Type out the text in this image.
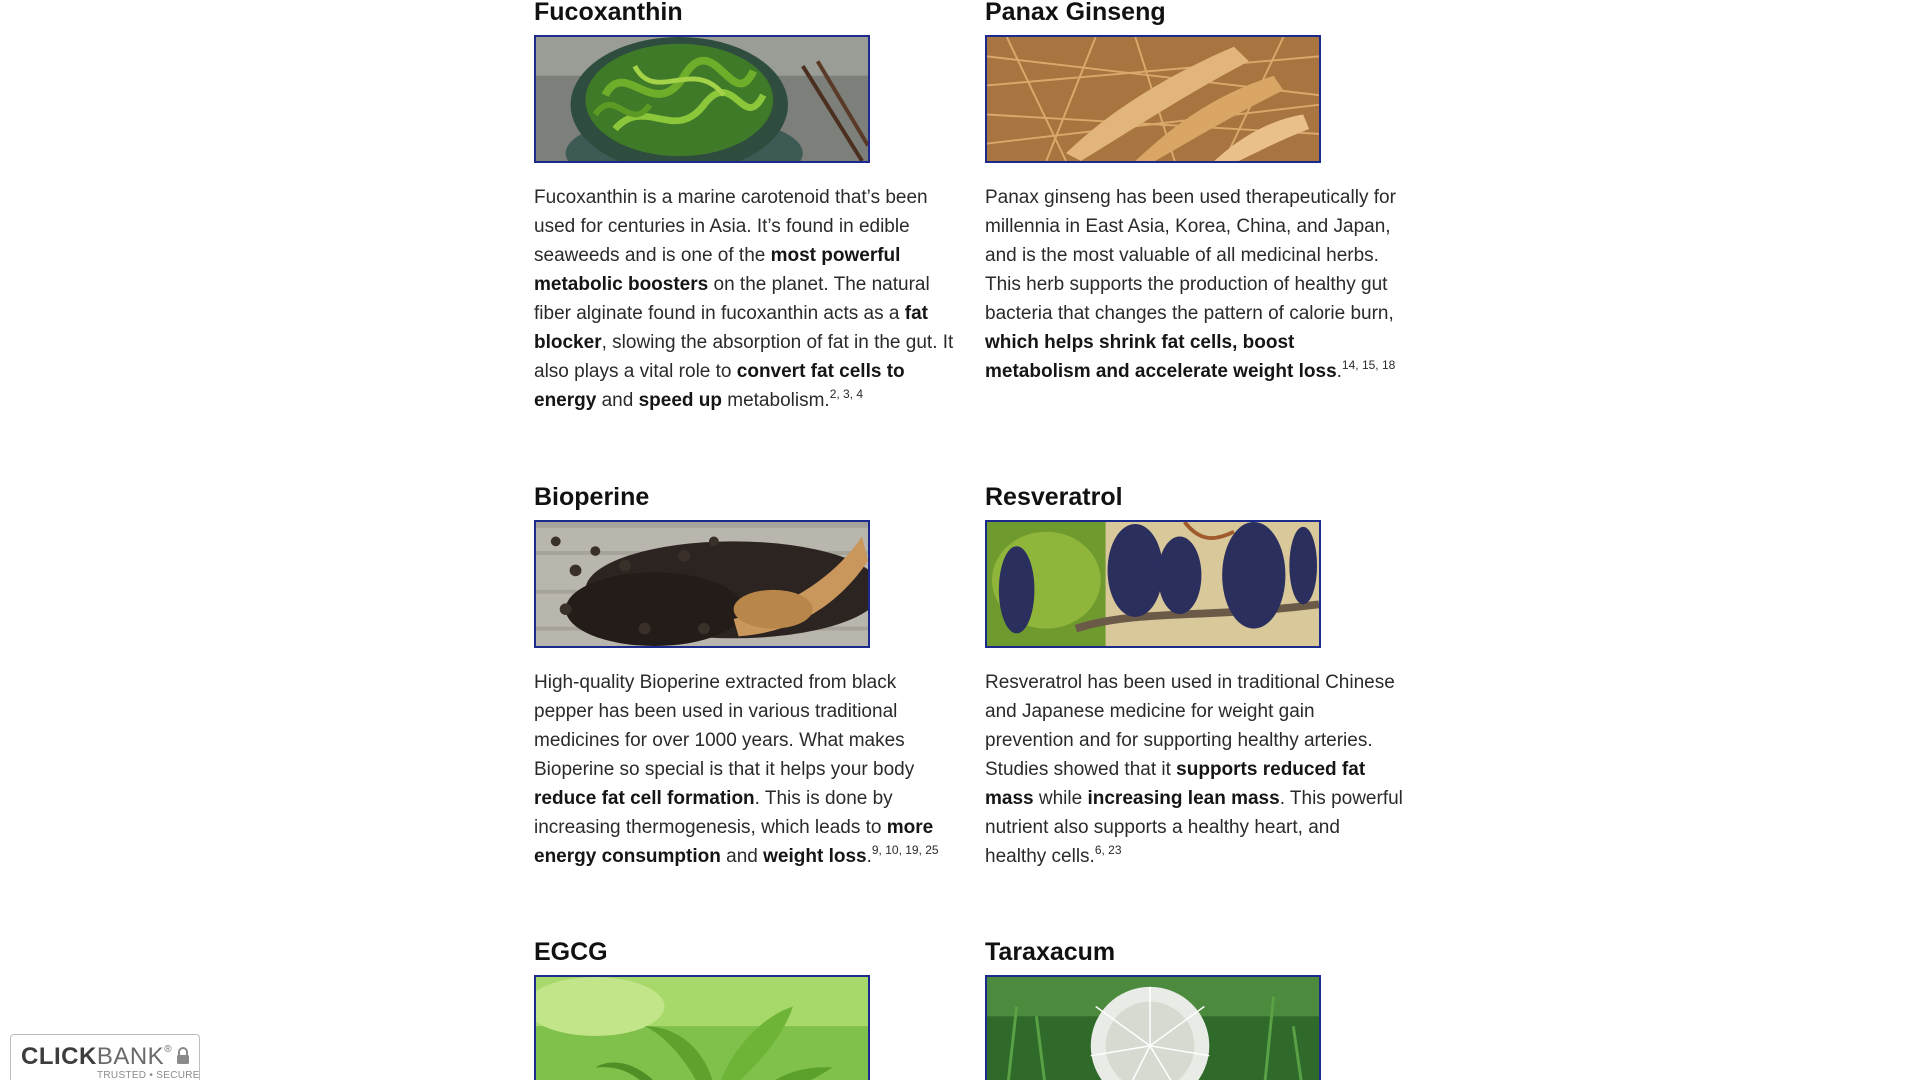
Fucoxanthin

Fucoxanthin is a marine carotenoid that’s been used for centuries in Asia. It’s found in edible seaweeds and is one of the most powerful metabolic boosters on the planet. The natural fiber alginate found in fucoxanthin acts as a fat blocker, slowing the absorption of fat in the gut. It also plays a vital role to convert fat cells to energy and speed up metabolism.$^{2, 3, 4}$

Bioperine

High-quality Bioperine extracted from black pepper has been used in various traditional medicines for over 1000 years. What makes Bioperine so special is that it helps your body reduce fat cell formation. This is done by increasing thermogenesis, which leads to more energy consumption and weight loss.$^{9, 10, 19, 25}$

EGCG
Panax Ginseng

Panax ginseng has been used therapeutically for millennia in East Asia, Korea, China, and Japan, and is the most valuable of all medicinal herbs. This herb supports the production of healthy gut bacteria that changes the pattern of calorie burn, which helps shrink fat cells, boost metabolism and accelerate weight loss.$^{14, 15, 18}$

Resveratrol

Resveratrol has been used in traditional Chinese and Japanese medicine for weight gain prevention and for supporting healthy arteries. Studies showed that it supports reduced fat mass while increasing lean mass. This powerful nutrient also supports a healthy heart, and healthy cells.$^{6, 23}$

Taraxacum
CLICKBANK®
TRUSTED • SECURE
